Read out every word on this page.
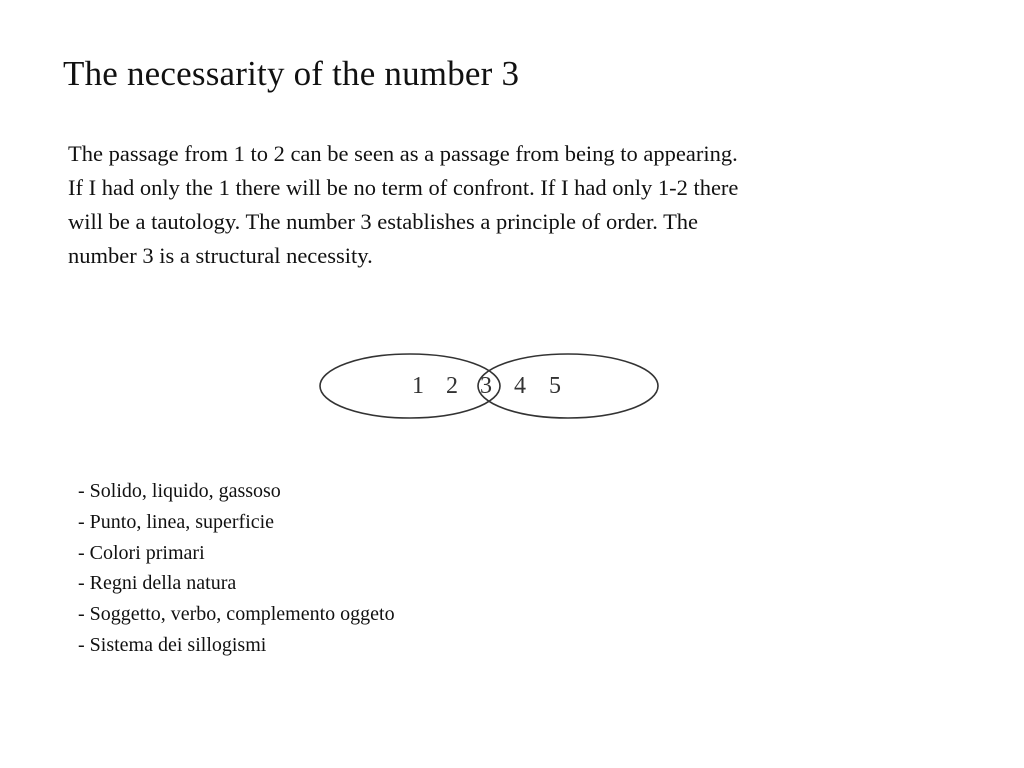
The necessarity of the number 3

The passage from 1 to 2 can be seen as a passage from being to appearing.
If I had only the 1 there will be no term of confront. If I had only 1-2 there
will be a tautology. The number 3 establishes a principle of order. The
number 3 is a structural necessity.

1 2 3 4 5
- Solido, liquido, gassoso
- Punto, linea, superficie
- Colori primari
- Regni della natura
- Soggetto, verbo, complemento oggeto
- Sistema dei sillogismi
